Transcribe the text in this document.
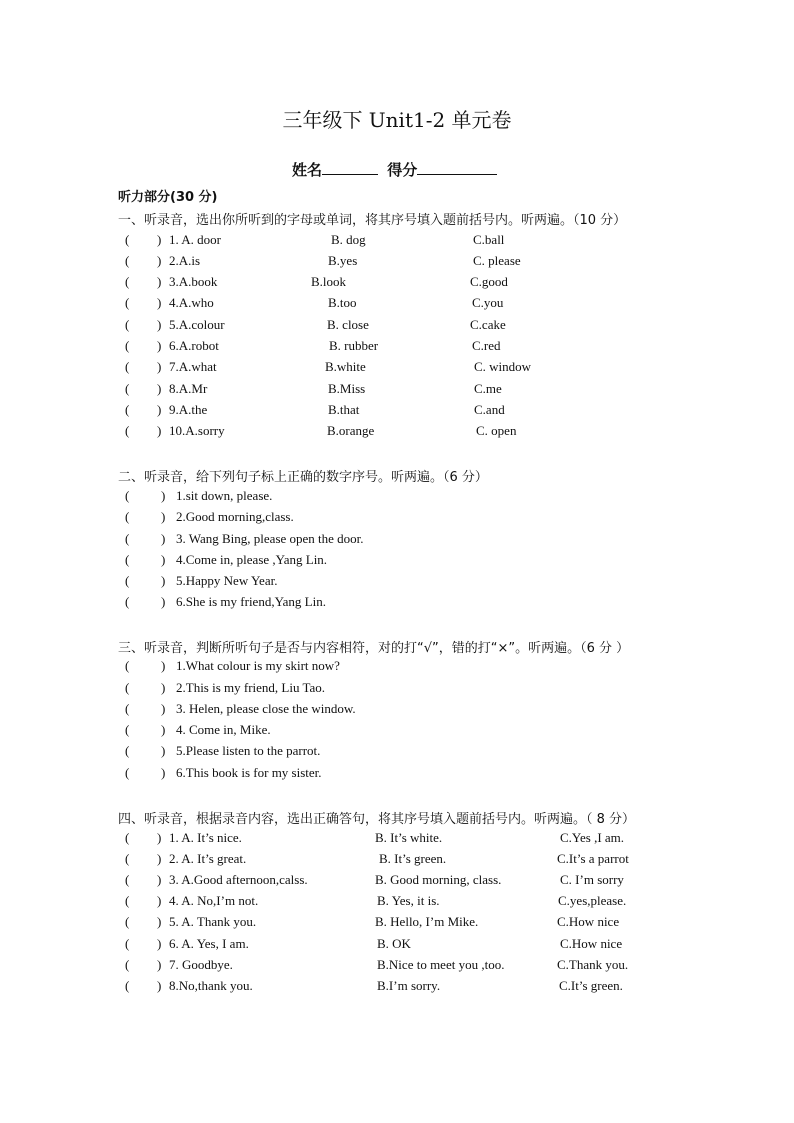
三年级下 Unit1-2 单元卷
姓名	得分
听力部分(30 分)
一、听录音，选出你所听到的字母或单词，将其序号填入题前括号内。听两遍。（10 分）
( ) 1. A. door	B. dog	C.ball
( ) 2.A.is	B.yes	C. please
( ) 3.A.book	B.look	C.good
( ) 4.A.who	B.too	C.you
( ) 5.A.colour	B. close	C.cake
( ) 6.A.robot	B. rubber	C.red
( ) 7.A.what	B.white	C. window
( ) 8.A.Mr	B.Miss	C.me
( ) 9.A.the	B.that	C.and
( ) 10.A.sorry	B.orange	C. open
二、听录音，给下列句子标上正确的数字序号。听两遍。（6 分）
( ) 1.sit down, please.
( ) 2.Good morning,class.
( ) 3. Wang Bing, please open the door.
( ) 4.Come in, please ,Yang Lin.
( ) 5.Happy New Year.
( ) 6.She is my friend,Yang Lin.
三、听录音，判断所听句子是否与内容相符，对的打“√”，错的打“×”。听两遍。（6 分 ）
( ) 1.What colour is my skirt now?
( ) 2.This is my friend, Liu Tao.
( ) 3. Helen, please close the window.
( ) 4. Come in, Mike.
( ) 5.Please listen to the parrot.
( ) 6.This book is for my sister.
四、听录音，根据录音内容，选出正确答句，将其序号填入题前括号内。听两遍。（ 8 分）
( ) 1. A. It’s nice.	B. It’s white.	C.Yes ,I am.
( ) 2. A. It’s great.	B. It’s green.	C.It’s a parrot
( ) 3. A.Good afternoon,calss.	B. Good morning, class.	C. I’m sorry
( ) 4. A. No,I’m not.	B. Yes, it is.	C.yes,please.
( ) 5. A. Thank you.	B. Hello, I’m Mike.	C.How nice
( ) 6. A. Yes, I am.	B. OK	C.How nice
( ) 7. Goodbye.	B.Nice to meet you ,too.	C.Thank you.
( ) 8.No,thank you.	B.I’m sorry.	C.It’s green.
